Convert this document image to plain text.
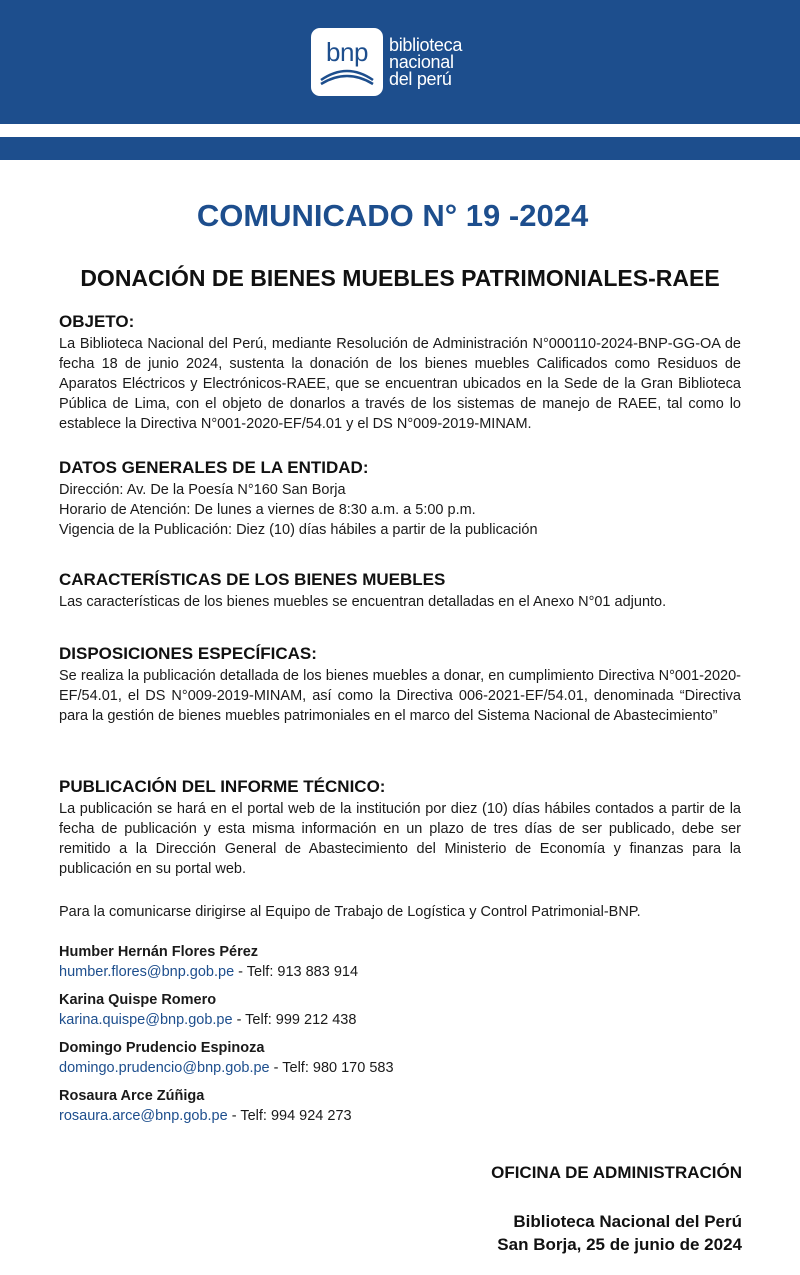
bnp	biblioteca
nacional
del perú
COMUNICADO N° 19 -2024
DONACIÓN DE BIENES MUEBLES PATRIMONIALES-RAEE
OBJETO:

La Biblioteca Nacional del Perú, mediante Resolución de Administración N°000110-2024-BNP-GG-OA de fecha 18 de junio 2024, sustenta la donación de los bienes muebles Calificados como Residuos de Aparatos Eléctricos y Electrónicos-RAEE, que se encuentran ubicados en la Sede de la Gran Biblioteca Pública de Lima, con el objeto de donarlos a través de los sistemas de manejo de RAEE, tal como lo establece la Directiva N°001-2020-EF/54.01 y el DS N°009-2019-MINAM.

DATOS GENERALES DE LA ENTIDAD:

Dirección: Av. De la Poesía N°160 San Borja
Horario de Atención: De lunes a viernes de 8:30 a.m. a 5:00 p.m.
Vigencia de la Publicación: Diez (10) días hábiles a partir de la publicación

CARACTERÍSTICAS DE LOS BIENES MUEBLES

Las características de los bienes muebles se encuentran detalladas en el Anexo N°01 adjunto.

DISPOSICIONES ESPECÍFICAS:

Se realiza la publicación detallada de los bienes muebles a donar, en cumplimiento Directiva N°001-2020-EF/54.01, el DS N°009-2019-MINAM, así como la Directiva 006-2021-EF/54.01, denominada “Directiva para la gestión de bienes muebles patrimoniales en el marco del Sistema Nacional de Abastecimiento”

PUBLICACIÓN DEL INFORME TÉCNICO:

La publicación se hará en el portal web de la institución por diez (10) días hábiles contados a partir de la fecha de publicación y esta misma información en un plazo de tres días de ser publicado, debe ser remitido a la Dirección General de Abastecimiento del Ministerio de Economía y finanzas para la publicación en su portal web.

Para la comunicarse dirigirse al Equipo de Trabajo de Logística y Control Patrimonial-BNP.

Humber Hernán Flores Pérez
humber.flores@bnp.gob.pe - Telf: 913 883 914
Karina Quispe Romero
karina.quispe@bnp.gob.pe - Telf: 999 212 438
Domingo Prudencio Espinoza
domingo.prudencio@bnp.gob.pe - Telf: 980 170 583
Rosaura Arce Zúñiga
rosaura.arce@bnp.gob.pe - Telf: 994 924 273
OFICINA DE ADMINISTRACIÓN
Biblioteca Nacional del Perú
San Borja, 25 de junio de 2024
